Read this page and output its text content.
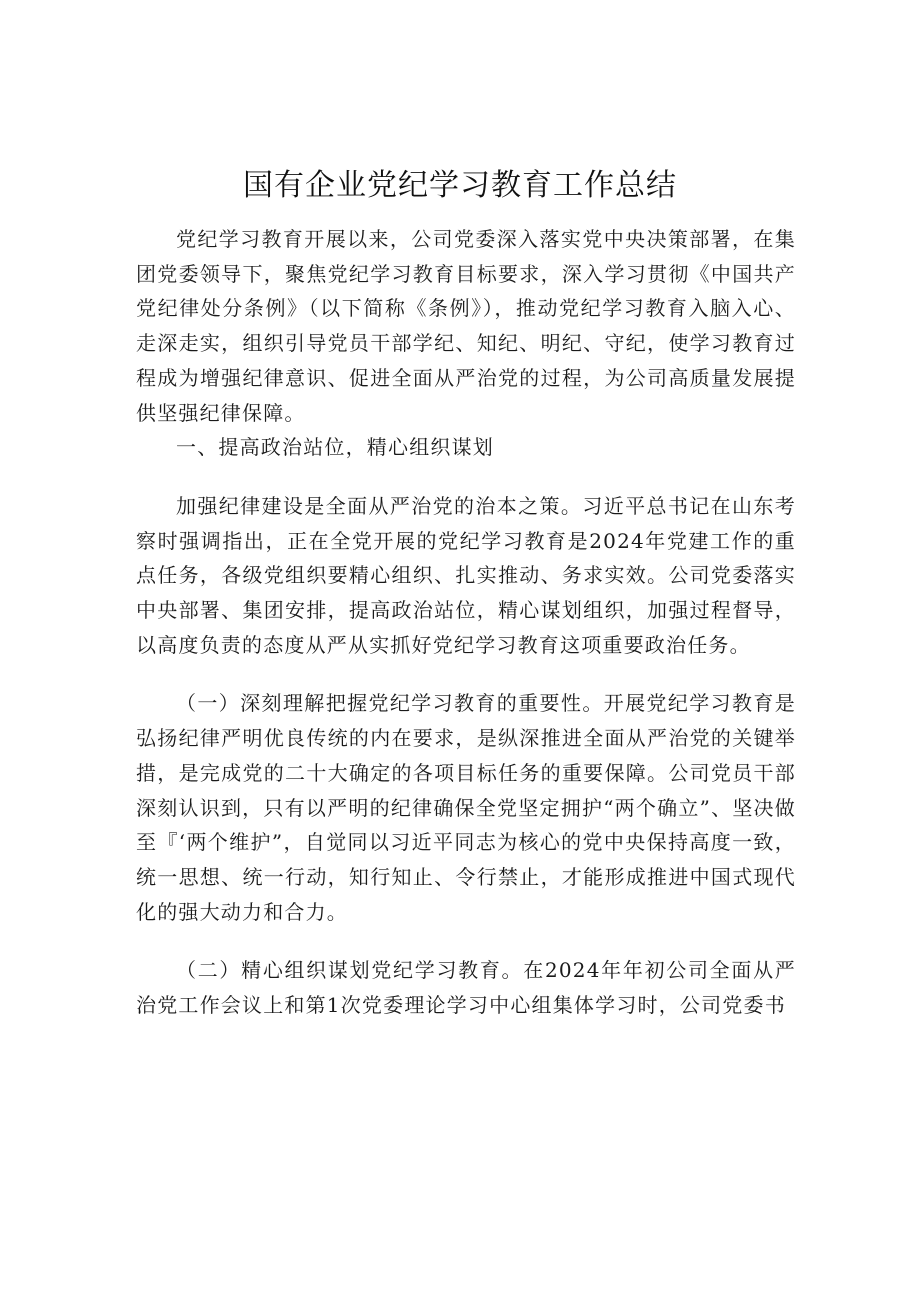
国有企业党纪学习教育工作总结

党纪学习教育开展以来，公司党委深入落实党中央决策部署，在集团党委领导下，聚焦党纪学习教育目标要求，深入学习贯彻《中国共产党纪律处分条例》（以下简称《条例》），推动党纪学习教育入脑入心、走深走实，组织引导党员干部学纪、知纪、明纪、守纪，使学习教育过程成为增强纪律意识、促进全面从严治党的过程，为公司高质量发展提供坚强纪律保障。

一、提高政治站位，精心组织谋划

加强纪律建设是全面从严治党的治本之策。习近平总书记在山东考察时强调指出，正在全党开展的党纪学习教育是2024年党建工作的重点任务，各级党组织要精心组织、扎实推动、务求实效。公司党委落实中央部署、集团安排，提高政治站位，精心谋划组织，加强过程督导，以高度负责的态度从严从实抓好党纪学习教育这项重要政治任务。

（一）深刻理解把握党纪学习教育的重要性。开展党纪学习教育是弘扬纪律严明优良传统的内在要求，是纵深推进全面从严治党的关键举措，是完成党的二十大确定的各项目标任务的重要保障。公司党员干部深刻认识到，只有以严明的纪律确保全党坚定拥护“两个确立”、坚决做至『‘两个维护”，自觉同以习近平同志为核心的党中央保持高度一致，统一思想、统一行动，知行知止、令行禁止，才能形成推进中国式现代化的强大动力和合力。

（二）精心组织谋划党纪学习教育。在2024年年初公司全面从严治党工作会议上和第1次党委理论学习中心组集体学习时，公司党委书
